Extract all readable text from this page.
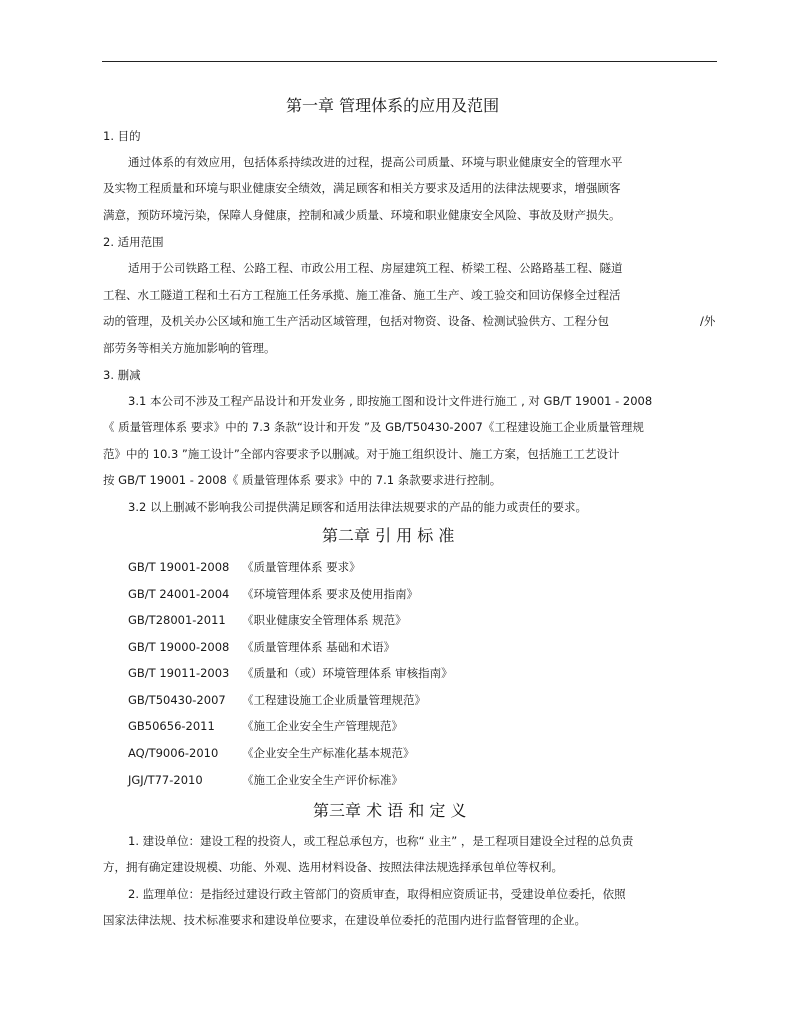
第一章 管理体系的应用及范围
1. 目的
通过体系的有效应用，包括体系持续改进的过程，提高公司质量、环境与职业健康安全的管理水平
及实物工程质量和环境与职业健康安全绩效，满足顾客和相关方要求及适用的法律法规要求，增强顾客
满意，预防环境污染，保障人身健康，控制和减少质量、环境和职业健康安全风险、事故及财产损失。
2. 适用范围
适用于公司铁路工程、公路工程、市政公用工程、房屋建筑工程、桥梁工程、公路路基工程、隧道
工程、水工隧道工程和土石方工程施工任务承揽、施工准备、施工生产、竣工验交和回访保修全过程活
动的管理，及机关办公区域和施工生产活动区域管理，包括对物资、设备、检测试验供方、工程分包	/外
部劳务等相关方施加影响的管理。
3. 删减
3.1 本公司不涉及工程产品设计和开发业务 , 即按施工图和设计文件进行施工 , 对 GB/T 19001 - 2008
《 质量管理体系 要求》中的 7.3 条款“设计和开发 ”及 GB/T50430-2007《工程建设施工企业质量管理规
范》中的 10.3 ”施工设计”全部内容要求予以删减。对于施工组织设计、施工方案，包括施工工艺设计
按 GB/T 19001 - 2008《 质量管理体系 要求》中的 7.1 条款要求进行控制。
3.2 以上删减不影响我公司提供满足顾客和适用法律法规要求的产品的能力或责任的要求。
第二章 引 用 标 准
GB/T 19001-2008 《质量管理体系 要求》
GB/T 24001-2004 《环境管理体系 要求及使用指南》
GB/T28001-2011 《职业健康安全管理体系 规范》
GB/T 19000-2008 《质量管理体系 基础和术语》
GB/T 19011-2003 《质量和（或）环境管理体系 审核指南》
GB/T50430-2007 《工程建设施工企业质量管理规范》
GB50656-2011 《施工企业安全生产管理规范》
AQ/T9006-2010 《企业安全生产标准化基本规范》
JGJ/T77-2010	《施工企业安全生产评价标准》
第三章 术 语 和 定 义
1. 建设单位：建设工程的投资人，或工程总承包方，也称“ 业主” ，是工程项目建设全过程的总负责
方，拥有确定建设规模、功能、外观、选用材料设备、按照法律法规选择承包单位等权利。
2. 监理单位：是指经过建设行政主管部门的资质审查，取得相应资质证书，受建设单位委托，依照
国家法律法规、技术标准要求和建设单位要求，在建设单位委托的范围内进行监督管理的企业。
